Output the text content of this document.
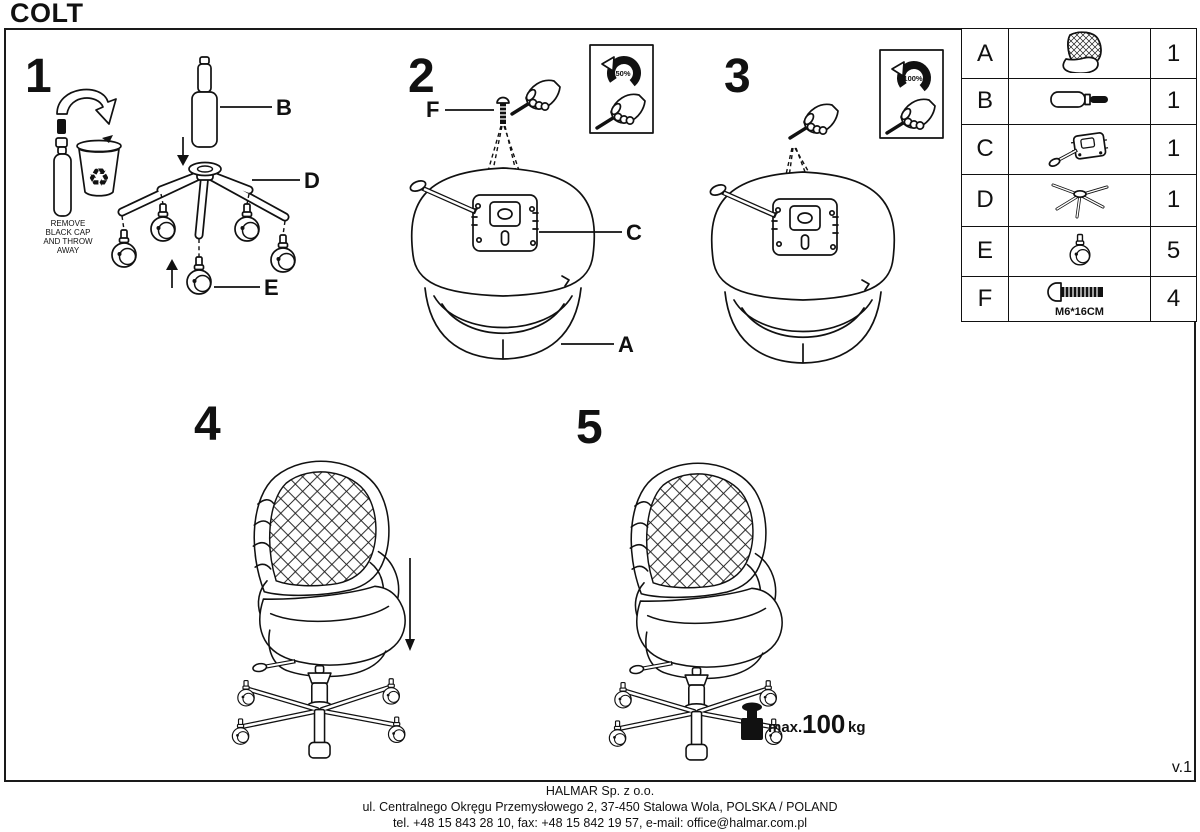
COLT
1
♻
REMOVE
BLACK CAP
AND THROW
AWAY
B
D
E
2
F
C
A
50% 3	100%
4	5
max. 100 kg
A		1
B		1
C		1
D		1
E		5
F	M6*16CM	4
v.1
HALMAR Sp. z o.o.
ul. Centralnego Okręgu Przemysłowego 2, 37-450 Stalowa Wola, POLSKA / POLAND
tel. +48 15 843 28 10, fax: +48 15 842 19 57, e-mail: office@halmar.com.pl
